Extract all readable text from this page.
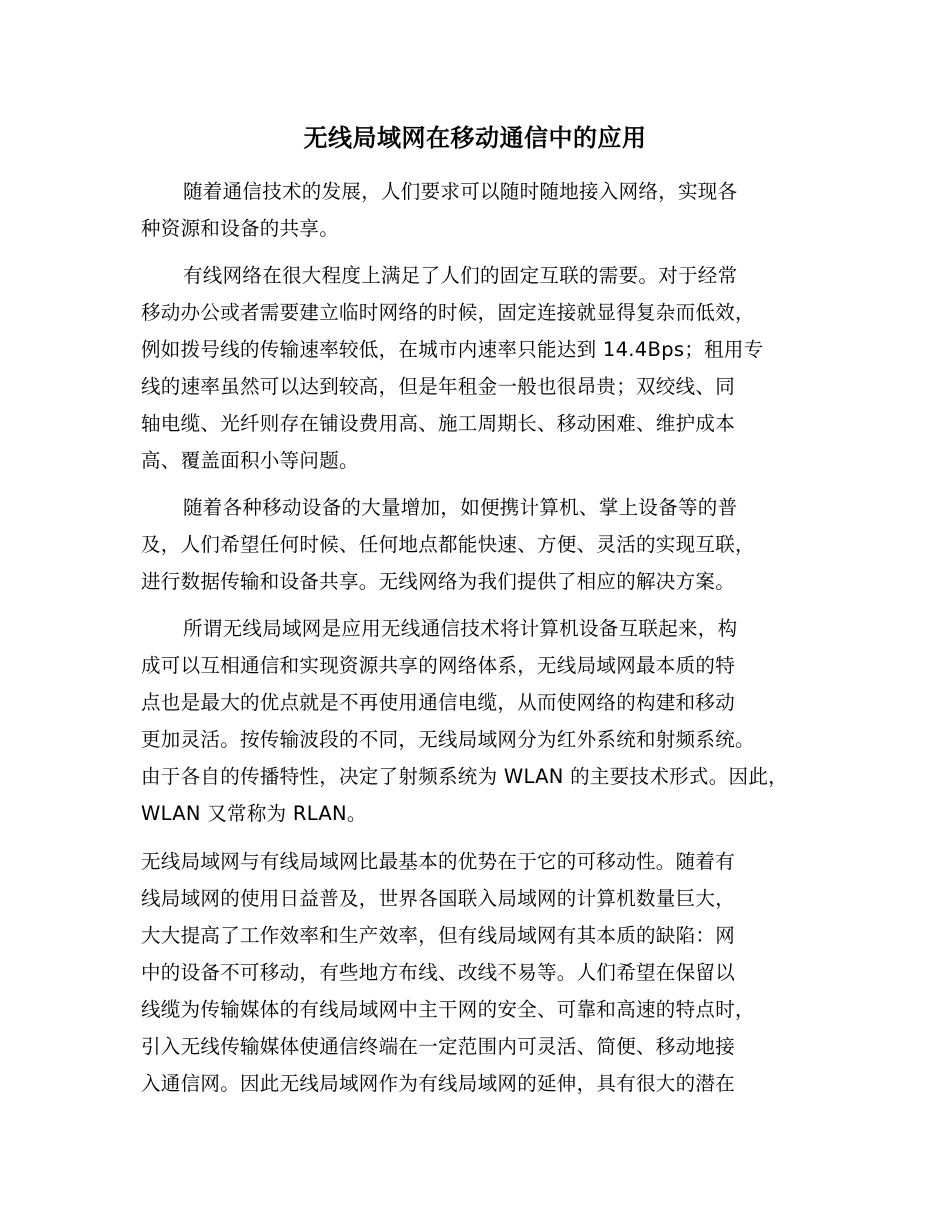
无线局域网在移动通信中的应用
随着通信技术的发展，人们要求可以随时随地接入网络，实现各
种资源和设备的共享。
有线网络在很大程度上满足了人们的固定互联的需要。对于经常
移动办公或者需要建立临时网络的时候，固定连接就显得复杂而低效，
例如拨号线的传输速率较低，在城市内速率只能达到 14.4Bps；租用专
线的速率虽然可以达到较高，但是年租金一般也很昂贵；双绞线、同
轴电缆、光纤则存在铺设费用高、施工周期长、移动困难、维护成本
高、覆盖面积小等问题。
随着各种移动设备的大量增加，如便携计算机、掌上设备等的普
及，人们希望任何时候、任何地点都能快速、方便、灵活的实现互联，
进行数据传输和设备共享。无线网络为我们提供了相应的解决方案。
所谓无线局域网是应用无线通信技术将计算机设备互联起来，构
成可以互相通信和实现资源共享的网络体系，无线局域网最本质的特
点也是最大的优点就是不再使用通信电缆，从而使网络的构建和移动
更加灵活。按传输波段的不同，无线局域网分为红外系统和射频系统。
由于各自的传播特性，决定了射频系统为 WLAN 的主要技术形式。因此，
WLAN 又常称为 RLAN。
无线局域网与有线局域网比最基本的优势在于它的可移动性。随着有
线局域网的使用日益普及，世界各国联入局域网的计算机数量巨大，
大大提高了工作效率和生产效率，但有线局域网有其本质的缺陷：网
中的设备不可移动，有些地方布线、改线不易等。人们希望在保留以
线缆为传输媒体的有线局域网中主干网的安全、可靠和高速的特点时，
引入无线传输媒体使通信终端在一定范围内可灵活、简便、移动地接
入通信网。因此无线局域网作为有线局域网的延伸，具有很大的潜在
